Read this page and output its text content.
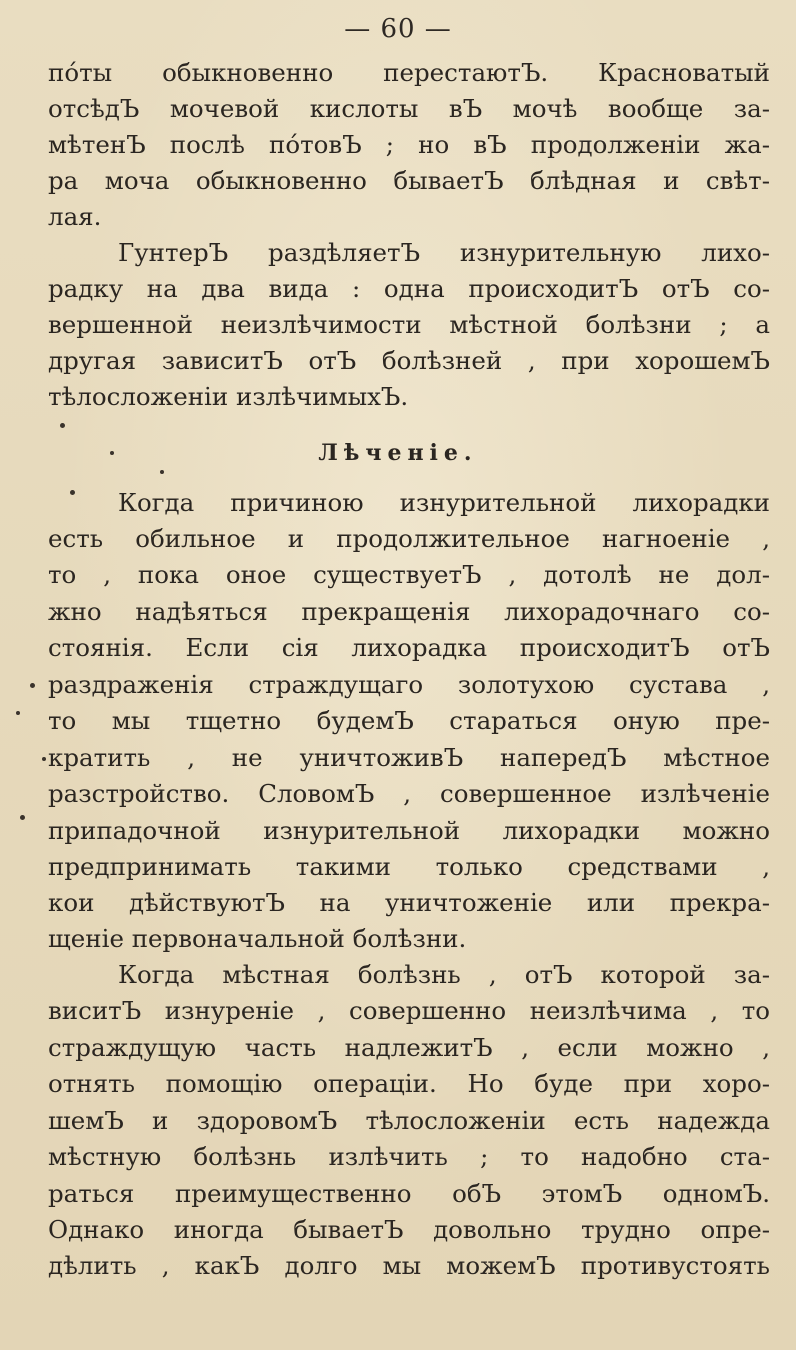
— 60 —
пóты обыкновенно перестаютЪ. Красноватый
отсѣдЪ мочевой кислоты вЪ мочѣ вообще за-
мѣтенЪ послѣ пóтовЪ ; но вЪ продолженіи жа-
ра моча обыкновенно бываетЪ блѣдная и свѣт-
лая.
ГунтерЪ раздѣляетЪ изнурительную лихо-
радку на два вида : одна происходитЪ отЪ со-
вершенной неизлѣчимости мѣстной болѣзни ; а
другая зависитЪ отЪ болѣзней , при хорошемЪ
тѣлосложеніи излѣчимыхЪ.
Лѣченіе.
Когда причиною изнурительной лихорадки
есть обильное и продолжительное нагноеніе ,
то , пока оное существуетЪ , дотолѣ не дол-
жно надѣяться прекращенія лихорадочнаго со-
стоянія. Если сія лихорадка происходитЪ отЪ
раздраженія страждущаго золотухою сустава ,
то мы тщетно будемЪ стараться оную пре-
кратить , не уничтоживЪ напередЪ мѣстное
разстройство. СловомЪ , совершенное излѣченіе
припадочной изнурительной лихорадки можно
предпринимать такими только средствами ,
кои дѣйствуютЪ на уничтоженіе или прекра-
щеніе первоначальной болѣзни.
Когда мѣстная болѣзнь , отЪ которой за-
виситЪ изнуреніе , совершенно неизлѣчима , то
страждущую часть надлежитЪ , если можно ,
отнять помощію операціи. Но буде при хоро-
шемЪ и здоровомЪ тѣлосложеніи есть надежда
мѣстную болѣзнь излѣчить ; то надобно ста-
раться преимущественно обЪ этомЪ одномЪ.
Однако иногда бываетЪ довольно трудно опре-
дѣлить , какЪ долго мы можемЪ противустоять
